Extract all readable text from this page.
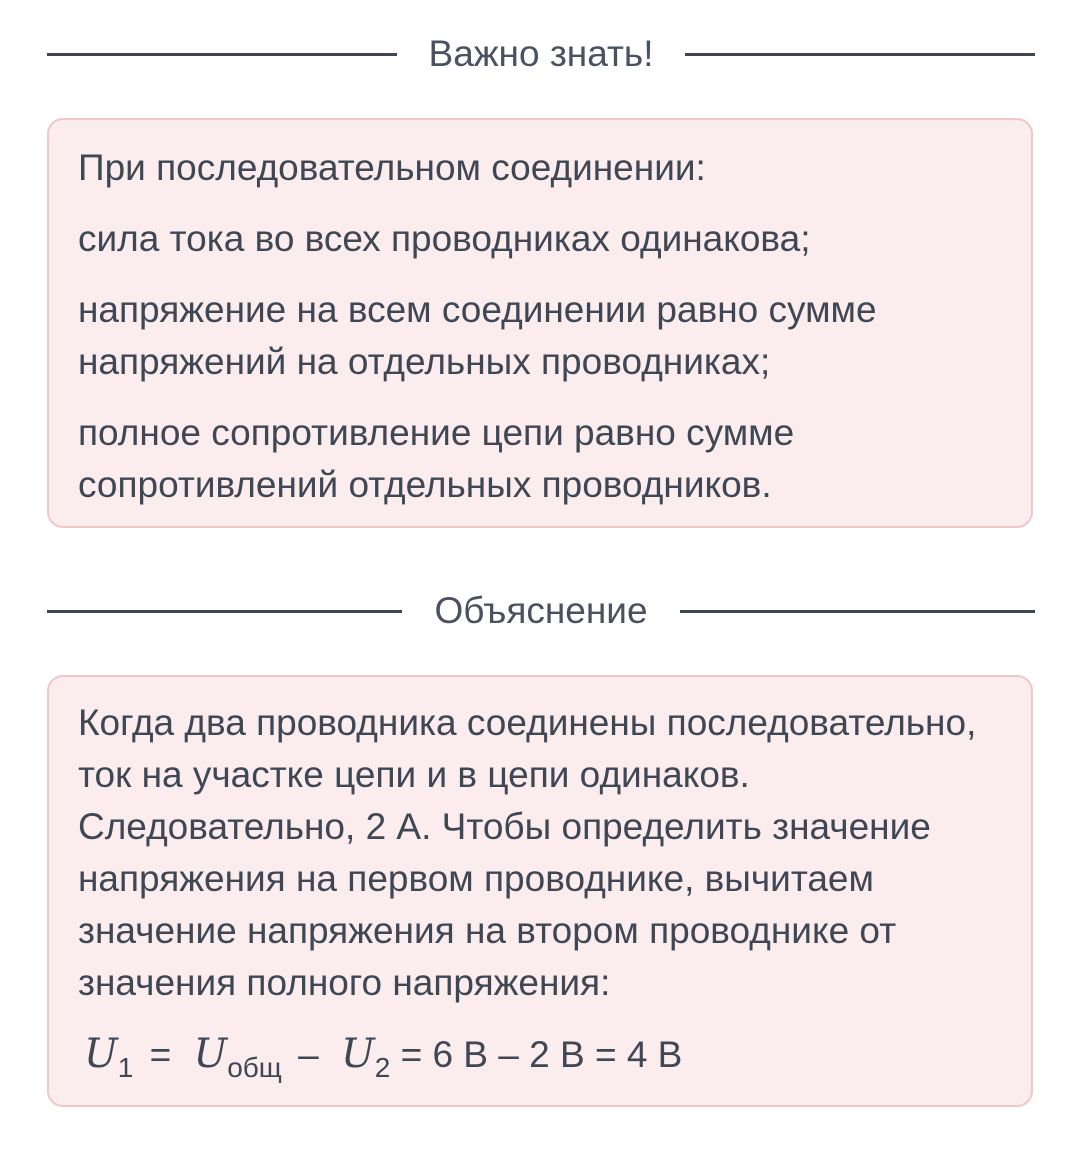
Важно знать!

При последовательном соединении:

сила тока во всех проводниках одинакова;

напряжение на всем соединении равно сумме напряжений на отдельных проводниках;

полное сопротивление цепи равно сумме сопротивлений отдельных проводников.

Объяснение

Когда два проводника соединены последовательно, ток на участке цепи и в цепи одинаков. Следовательно, 2 А. Чтобы определить значение напряжения на первом проводнике, вычитаем значение напряжения на втором проводнике от значения полного напряжения:

$U_1 = U_{общ} - U_2 = 6$ В – 2 В = 4 В
